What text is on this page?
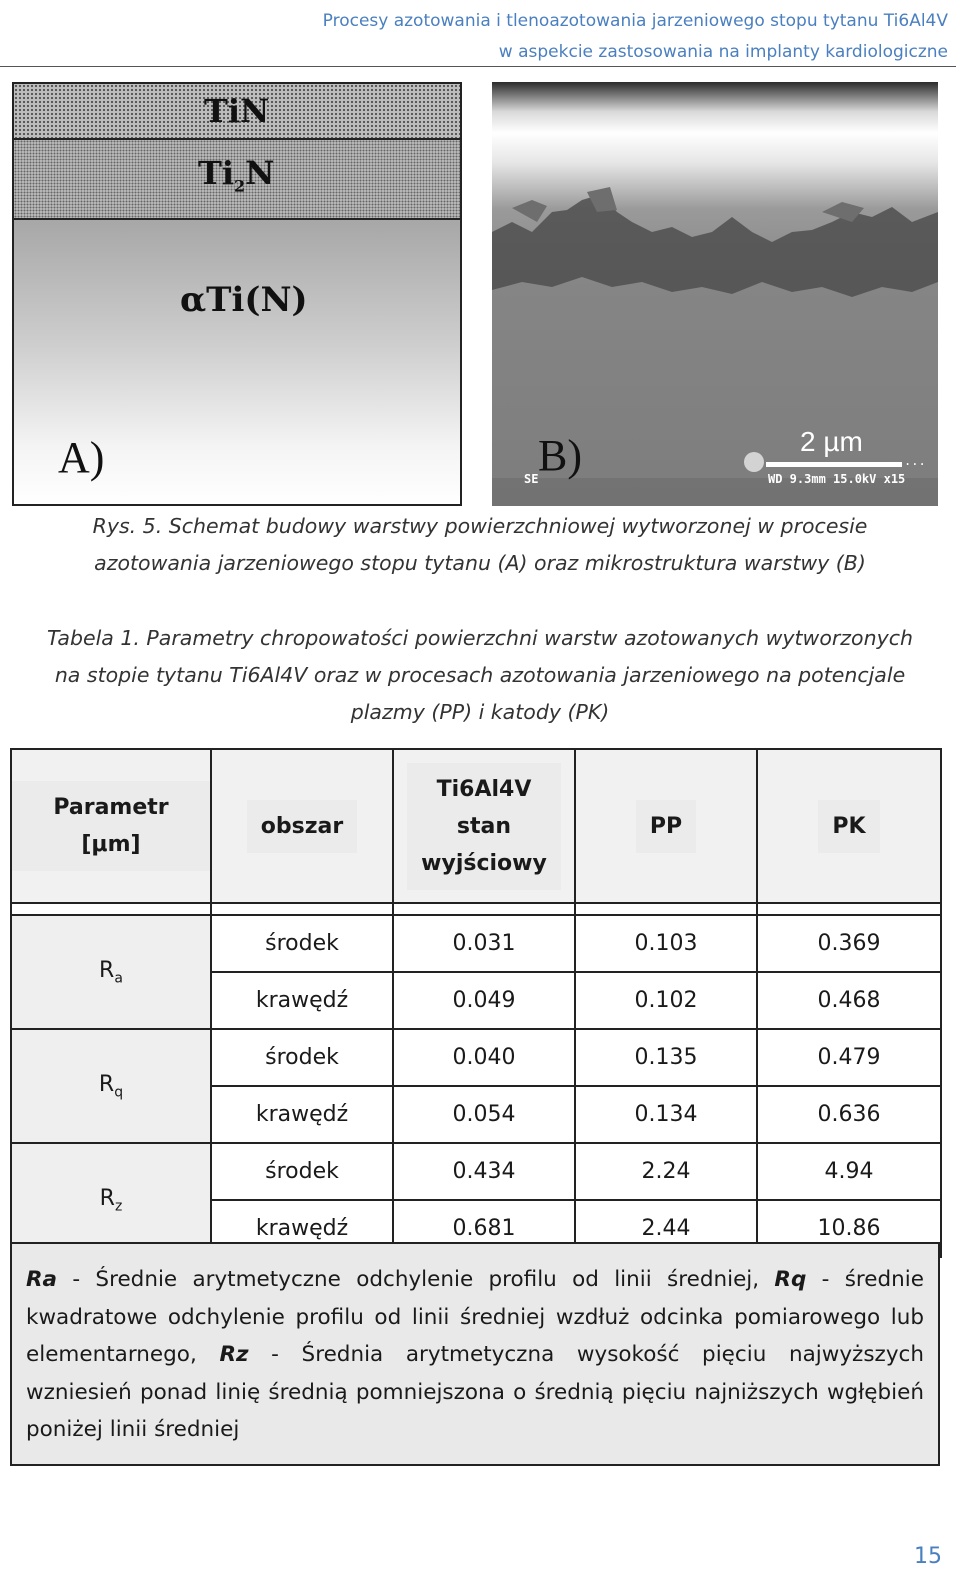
Procesy azotowania i tlenoazotowania jarzeniowego stopu tytanu Ti6Al4V
w aspekcie zastosowania na implanty kardiologiczne
TiN
$Ti_2N$
αTi(N)
A)	B)
SE
2 µm
...
WD 9.3mm 15.0kV x15
Rys. 5. Schemat budowy warstwy powierzchniowej wytworzonej w procesie
azotowania jarzeniowego stopu tytanu (A) oraz mikrostruktura warstwy (B)
Tabela 1. Parametry chropowatości powierzchni warstw azotowanych wytworzonych
na stopie tytanu Ti6Al4V oraz w procesach azotowania jarzeniowego na potencjale
plazmy (PP) i katody (PK)
Parametr [μm]	obszar	Ti6Al4V
stan
wyjściowy	PP	PK

$R_a$	środek	0.031	0.103	0.369
	krawędź	0.049	0.102	0.468
$R_q$	środek	0.040	0.135	0.479
	krawędź	0.054	0.134	0.636
$R_z$	środek	0.434	2.24	4.94
	krawędź	0.681	2.44	10.86
Ra - Średnie arytmetyczne odchylenie profilu od linii średniej, Rq - średnie kwadratowe odchylenie profilu od linii średniej wzdłuż odcinka pomiarowego lub elementarnego, Rz - Średnia arytmetyczna wysokość pięciu najwyższych wzniesień ponad linię średnią pomniejszona o średnią pięciu najniższych wgłębień poniżej linii średniej
15
